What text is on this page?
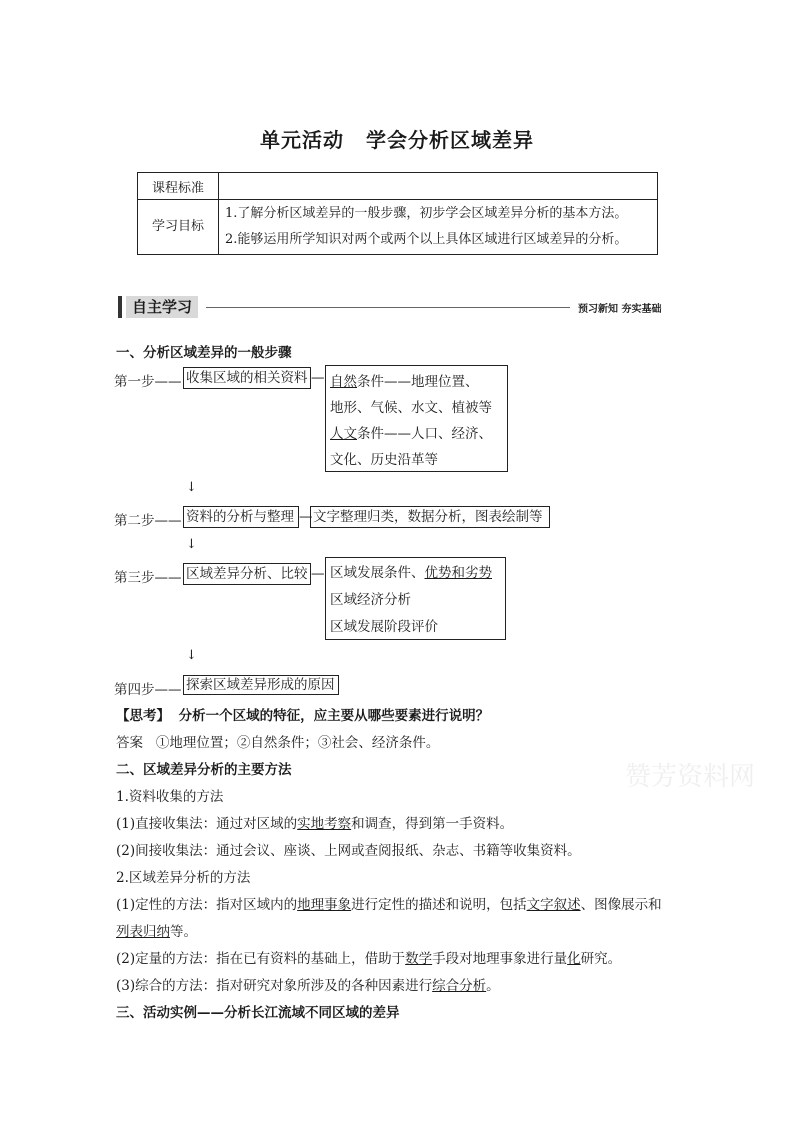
单元活动 学会分析区域差异
课程标准	
学习目标	1.了解分析区域差异的一般步骤，初步学会区域差异分析的基本方法。
2.能够运用所学知识对两个或两个以上具体区域进行区域差异的分析。
自主学习	预习新知 夯实基础
一、分析区域差异的一般步骤
第一步—— 收集区域的相关资料 — 自然条件——地理位置、
地形、气候、水文、植被等
人文条件——人口、经济、
文化、历史沿革等
↓
第二步—— 资料的分析与整理 — 文字整理归类，数据分析，图表绘制等
↓
第三步—— 区域差异分析、比较 — 区域发展条件、优势和劣势
区域经济分析
区域发展阶段评价
↓
第四步—— 探索区域差异形成的原因
【思考】 分析一个区域的特征，应主要从哪些要素进行说明？
答案 ①地理位置；②自然条件；③社会、经济条件。
二、区域差异分析的主要方法
1.资料收集的方法
(1)直接收集法：通过对区域的实地考察和调查，得到第一手资料。
(2)间接收集法：通过会议、座谈、上网或查阅报纸、杂志、书籍等收集资料。
2.区域差异分析的方法
(1)定性的方法：指对区域内的地理事象进行定性的描述和说明，包括文字叙述、图像展示和
列表归纳等。
(2)定量的方法：指在已有资料的基础上，借助于数学手段对地理事象进行量化研究。
(3)综合的方法：指对研究对象所涉及的各种因素进行综合分析。
三、活动实例——分析长江流域不同区域的差异
赞芳资料网
